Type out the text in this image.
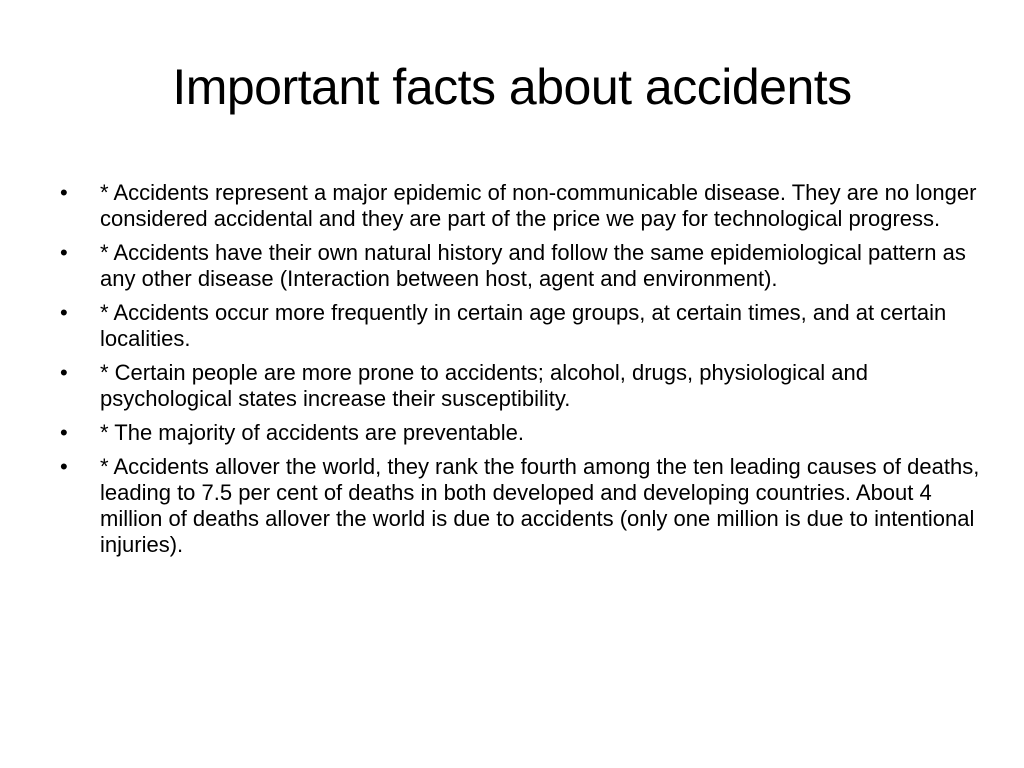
Important facts about accidents
• * Accidents represent a major epidemic of non-communicable disease. They are no longer considered accidental and they are part of the price we pay for technological progress.
• * Accidents have their own natural history and follow the same epidemiological pattern as any other disease (Interaction between host, agent and environment).
• * Accidents occur more frequently in certain age groups, at certain times, and at certain localities.
• * Certain people are more prone to accidents; alcohol, drugs, physiological and psychological states increase their susceptibility.
• * The majority of accidents are preventable.
• * Accidents allover the world, they rank the fourth among the ten leading causes of deaths, leading to 7.5 per cent of deaths in both developed and developing countries. About 4 million of deaths allover the world is due to accidents (only one million is due to intentional injuries).
